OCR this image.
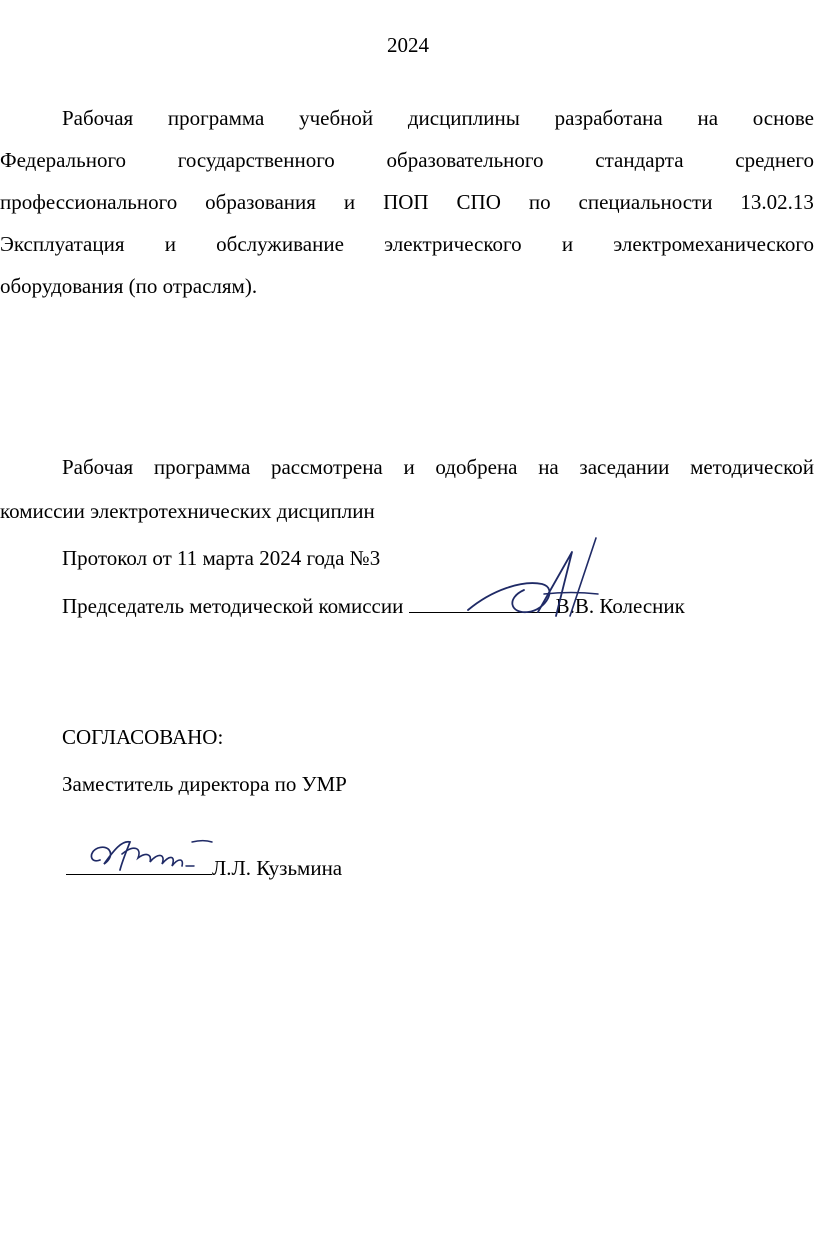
2024
Рабочая программа учебной дисциплины разработана на основе
Федерального государственного образовательного стандарта среднего
профессионального образования и ПОП СПО по специальности 13.02.13
Эксплуатация и обслуживание электрического и электромеханического
оборудования (по отраслям).
Рабочая программа рассмотрена и одобрена на заседании методической
комиссии электротехнических дисциплин
Протокол от 11 марта 2024 года №3
Председатель методической комиссии	В.В. Колесник
СОГЛАСОВАНО:
Заместитель директора по УМР
Л.Л. Кузьмина
